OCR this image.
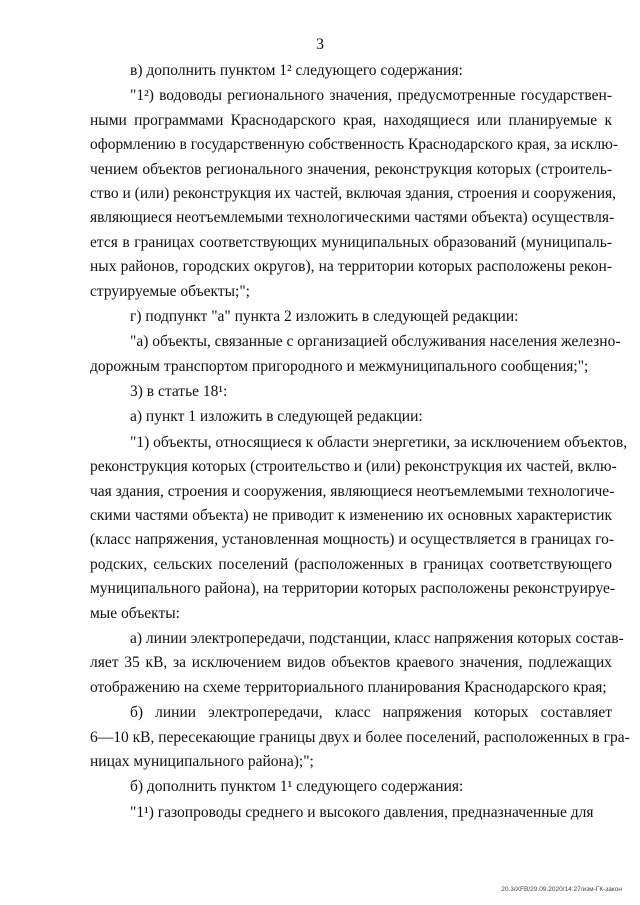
3
в) дополнить пунктом 1² следующего содержания:
"1²) водоводы регионального значения, предусмотренные государствен-
ными программами Краснодарского края, находящиеся или планируемые к
оформлению в государственную собственность Краснодарского края, за исклю-
чением объектов регионального значения, реконструкция которых (строитель-
ство и (или) реконструкция их частей, включая здания, строения и сооружения,
являющиеся неотъемлемыми технологическими частями объекта) осуществля-
ется в границах соответствующих муниципальных образований (муниципаль-
ных районов, городских округов), на территории которых расположены рекон-
струируемые объекты;";
г) подпункт "а" пункта 2 изложить в следующей редакции:
"а) объекты, связанные с организацией обслуживания населения железно-
дорожным транспортом пригородного и межмуниципального сообщения;";
3) в статье 18¹:
а) пункт 1 изложить в следующей редакции:
"1) объекты, относящиеся к области энергетики, за исключением объектов,
реконструкция которых (строительство и (или) реконструкция их частей, вклю-
чая здания, строения и сооружения, являющиеся неотъемлемыми технологиче-
скими частями объекта) не приводит к изменению их основных характеристик
(класс напряжения, установленная мощность) и осуществляется в границах го-
родских, сельских поселений (расположенных в границах соответствующего
муниципального района), на территории которых расположены реконструируе-
мые объекты:
а) линии электропередачи, подстанции, класс напряжения которых состав-
ляет 35 кВ, за исключением видов объектов краевого значения, подлежащих
отображению на схеме территориального планирования Краснодарского края;
б) линии электропередачи, класс напряжения которых составляет
6—10 кВ, пересекающие границы двух и более поселений, расположенных в гра-
ницах муниципального района);";
б) дополнить пунктом 1¹ следующего содержания:
"1¹) газопроводы среднего и высокого давления, предназначенные для
20.3/XFB/29.09.2020/14:27/изм-ГК-закон
